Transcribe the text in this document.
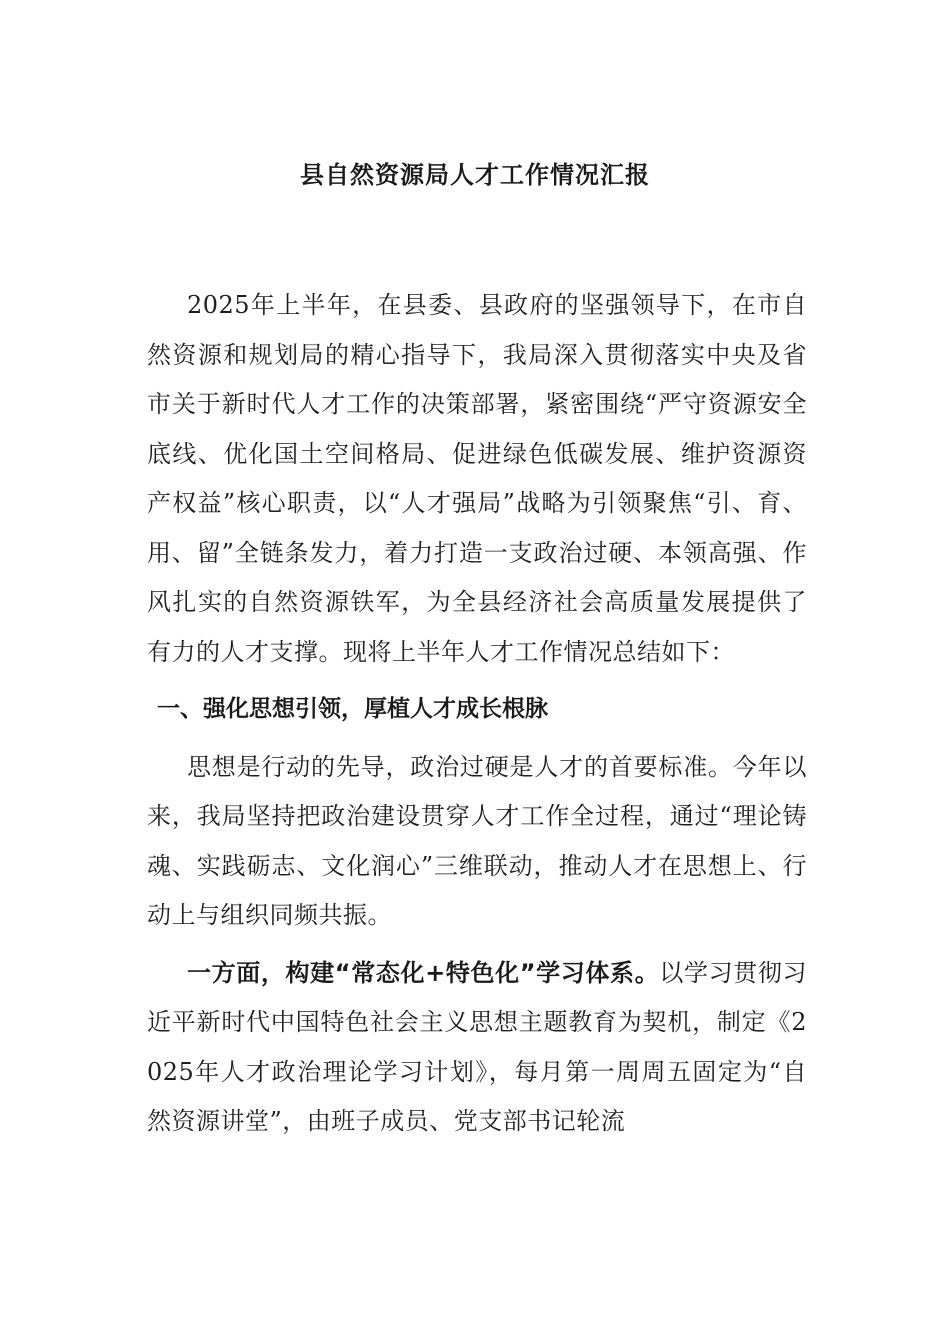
县自然资源局人才工作情况汇报

2025年上半年，在县委、县政府的坚强领导下，在市自然资源和规划局的精心指导下，我局深入贯彻落实中央及省市关于新时代人才工作的决策部署，紧密围绕“严守资源安全底线、优化国土空间格局、促进绿色低碳发展、维护资源资产权益”核心职责，以“人才强局”战略为引领聚焦“引、育、用、留”全链条发力，着力打造一支政治过硬、本领高强、作风扎实的自然资源铁军，为全县经济社会高质量发展提供了有力的人才支撑。现将上半年人才工作情况总结如下：

一、强化思想引领，厚植人才成长根脉

思想是行动的先导，政治过硬是人才的首要标准。今年以来，我局坚持把政治建设贯穿人才工作全过程，通过“理论铸魂、实践砺志、文化润心”三维联动，推动人才在思想上、行动上与组织同频共振。

一方面，构建“常态化+特色化”学习体系。以学习贯彻习近平新时代中国特色社会主义思想主题教育为契机，制定《2025年人才政治理论学习计划》，每月第一周周五固定为“自然资源讲堂”，由班子成员、党支部书记轮流
